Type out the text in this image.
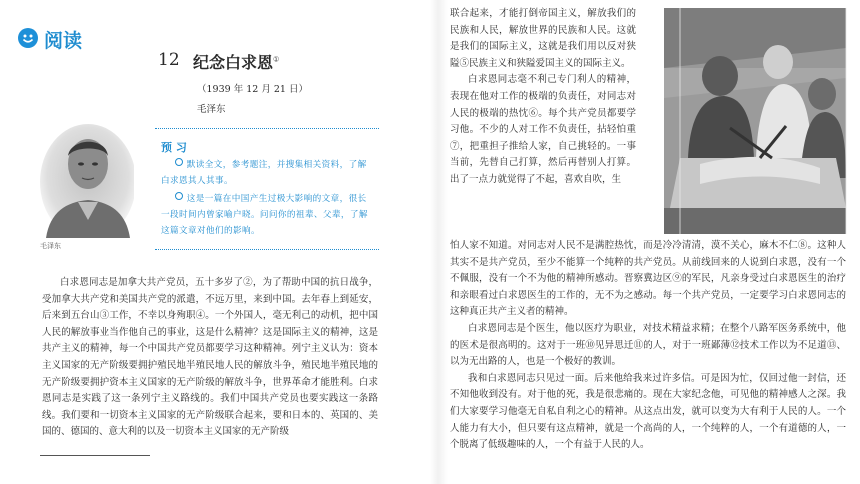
阅读
12 纪念白求恩①
（1939 年 12 月 21 日）
毛泽东
毛泽东
预 习
默读全文，参考题注，并搜集相关资料，了解白求恩其人其事。
这是一篇在中国产生过极大影响的文章，很长一段时间内曾家喻户晓。问问你的祖辈、父辈，了解这篇文章对他们的影响。
白求恩同志是加拿大共产党员，五十多岁了②，为了帮助中国的抗日战争，受加拿大共产党和美国共产党的派遣，不远万里，来到中国。去年春上到延安，后来到五台山③工作，不幸以身殉职④。一个外国人，毫无利己的动机，把中国人民的解放事业当作他自己的事业，这是什么精神？这是国际主义的精神，这是共产主义的精神，每一个中国共产党员都要学习这种精神。列宁主义认为：资本主义国家的无产阶级要拥护殖民地半殖民地人民的解放斗争，殖民地半殖民地的无产阶级要拥护资本主义国家的无产阶级的解放斗争，世界革命才能胜利。白求恩同志是实践了这一条列宁主义路线的。我们中国共产党员也要实践这一条路线。我们要和一切资本主义国家的无产阶级联合起来，要和日本的、英国的、美国的、德国的、意大利的以及一切资本主义国家的无产阶级

联合起来，才能打倒帝国主义，解放我们的民族和人民，解放世界的民族和人民。这就是我们的国际主义，这就是我们用以反对狭隘⑤民族主义和狭隘爱国主义的国际主义。

白求恩同志毫不利己专门利人的精神，表现在他对工作的极端的负责任，对同志对人民的极端的热忱⑥。每个共产党员都要学习他。不少的人对工作不负责任，拈轻怕重⑦，把重担子推给人家，自己挑轻的。一事当前，先替自己打算，然后再替别人打算。出了一点力就觉得了不起，喜欢自吹，生

怕人家不知道。对同志对人民不是满腔热忱，而是冷冷清清，漠不关心，麻木不仁⑧。这种人其实不是共产党员，至少不能算一个纯粹的共产党员。从前线回来的人说到白求恩，没有一个不佩服，没有一个不为他的精神所感动。晋察冀边区⑨的军民，凡亲身受过白求恩医生的治疗和亲眼看过白求恩医生的工作的，无不为之感动。每一个共产党员，一定要学习白求恩同志的这种真正共产主义者的精神。

白求恩同志是个医生，他以医疗为职业，对技术精益求精；在整个八路军医务系统中，他的医术是很高明的。这对于一班⑩见异思迁⑪的人，对于一班鄙薄⑫技术工作以为不足道⑬、以为无出路的人，也是一个极好的教训。

我和白求恩同志只见过一面。后来他给我来过许多信。可是因为忙，仅回过他一封信，还不知他收到没有。对于他的死，我是很悲痛的。现在大家纪念他，可见他的精神感人之深。我们大家要学习他毫无自私自利之心的精神。从这点出发，就可以变为大有利于人民的人。一个人能力有大小，但只要有这点精神，就是一个高尚的人，一个纯粹的人，一个有道德的人，一个脱离了低级趣味的人，一个有益于人民的人。
